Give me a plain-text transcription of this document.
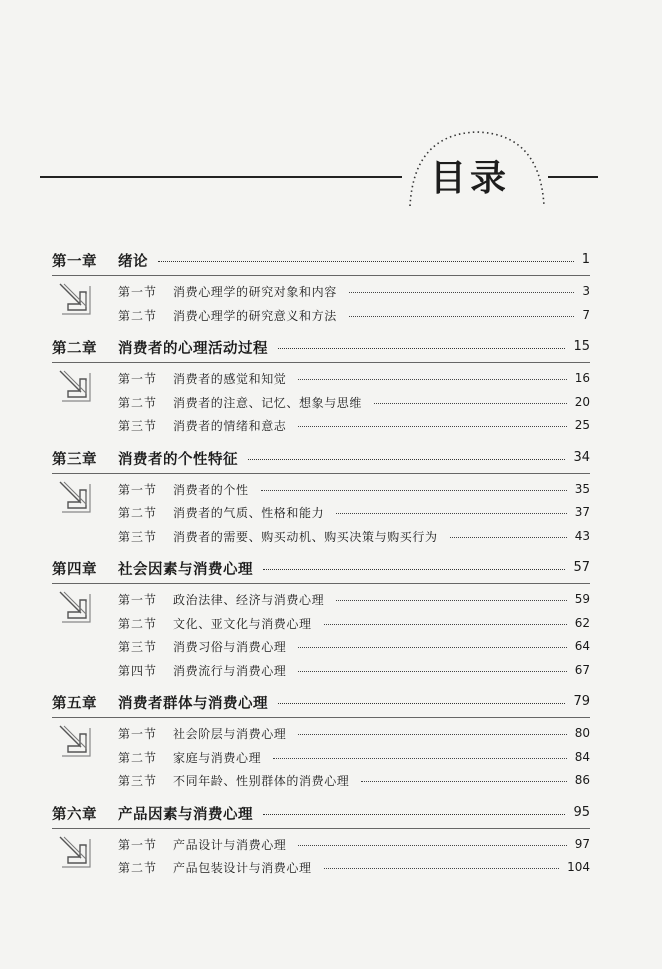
目录
第一章 绪论	1
第一节 消费心理学的研究对象和内容	3
第二节 消费心理学的研究意义和方法	7
第二章 消费者的心理活动过程	15
第一节 消费者的感觉和知觉	16
第二节 消费者的注意、记忆、想象与思维	20
第三节 消费者的情绪和意志	25
第三章 消费者的个性特征	34
第一节 消费者的个性	35
第二节 消费者的气质、性格和能力	37
第三节 消费者的需要、购买动机、购买决策与购买行为	43
第四章 社会因素与消费心理	57
第一节 政治法律、经济与消费心理	59
第二节 文化、亚文化与消费心理	62
第三节 消费习俗与消费心理	64
第四节 消费流行与消费心理	67
第五章 消费者群体与消费心理	79
第一节 社会阶层与消费心理	80
第二节 家庭与消费心理	84
第三节 不同年龄、性别群体的消费心理	86
第六章 产品因素与消费心理	95
第一节 产品设计与消费心理	97
第二节 产品包装设计与消费心理	104
